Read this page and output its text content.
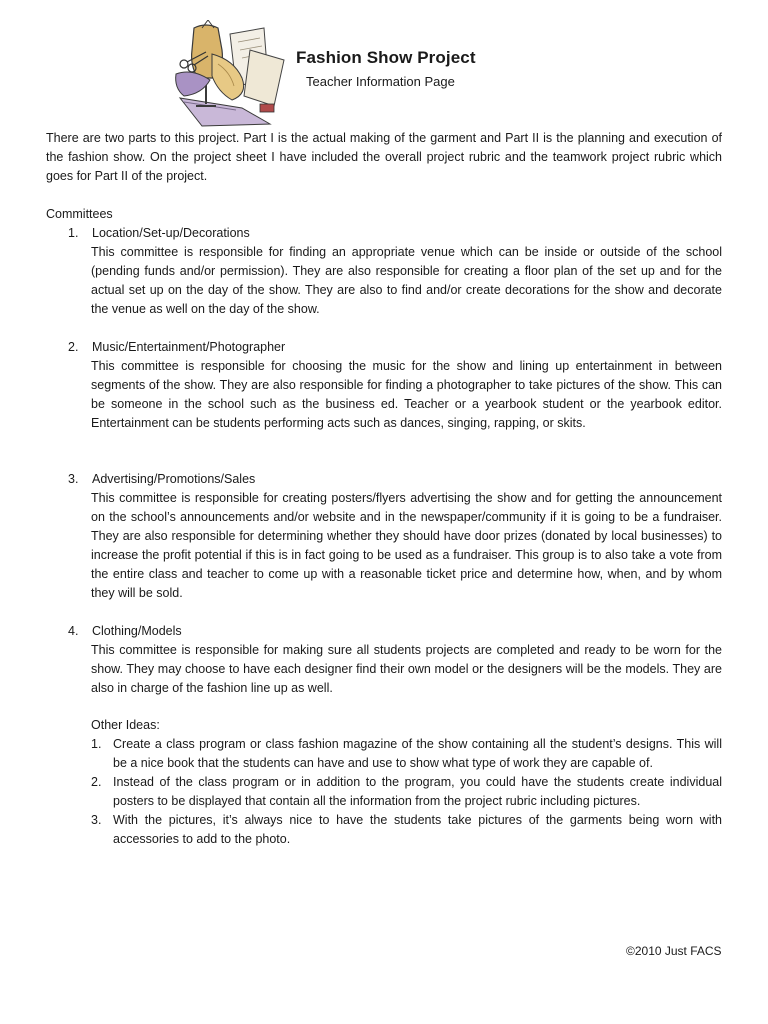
Fashion Show Project
Teacher Information Page
There are two parts to this project. Part I is the actual making of the garment and Part II is the planning and execution of the fashion show. On the project sheet I have included the overall project rubric and the teamwork project rubric which goes for Part II of the project.
Committees
1.	Location/Set-up/Decorations
This committee is responsible for finding an appropriate venue which can be inside or outside of the school (pending funds and/or permission). They are also responsible for creating a floor plan of the set up and for the actual set up on the day of the show. They are also to find and/or create decorations for the show and decorate the venue as well on the day of the show.
2.	Music/Entertainment/Photographer
This committee is responsible for choosing the music for the show and lining up entertainment in between segments of the show. They are also responsible for finding a photographer to take pictures of the show. This can be someone in the school such as the business ed. Teacher or a yearbook student or the yearbook editor. Entertainment can be students performing acts such as dances, singing, rapping, or skits.
3.	Advertising/Promotions/Sales
This committee is responsible for creating posters/flyers advertising the show and for getting the announcement on the school’s announcements and/or website and in the newspaper/community if it is going to be a fundraiser. They are also responsible for determining whether they should have door prizes (donated by local businesses) to increase the profit potential if this is in fact going to be used as a fundraiser. This group is to also take a vote from the entire class and teacher to come up with a reasonable ticket price and determine how, when, and by whom they will be sold.
4.	Clothing/Models
This committee is responsible for making sure all students projects are completed and ready to be worn for the show. They may choose to have each designer find their own model or the designers will be the models. They are also in charge of the fashion line up as well.
Other Ideas:
1. Create a class program or class fashion magazine of the show containing all the student’s designs. This will be a nice book that the students can have and use to show what type of work they are capable of.
2. Instead of the class program or in addition to the program, you could have the students create individual posters to be displayed that contain all the information from the project rubric including pictures.
3. With the pictures, it’s always nice to have the students take pictures of the garments being worn with accessories to add to the photo.
©2010 Just FACS
